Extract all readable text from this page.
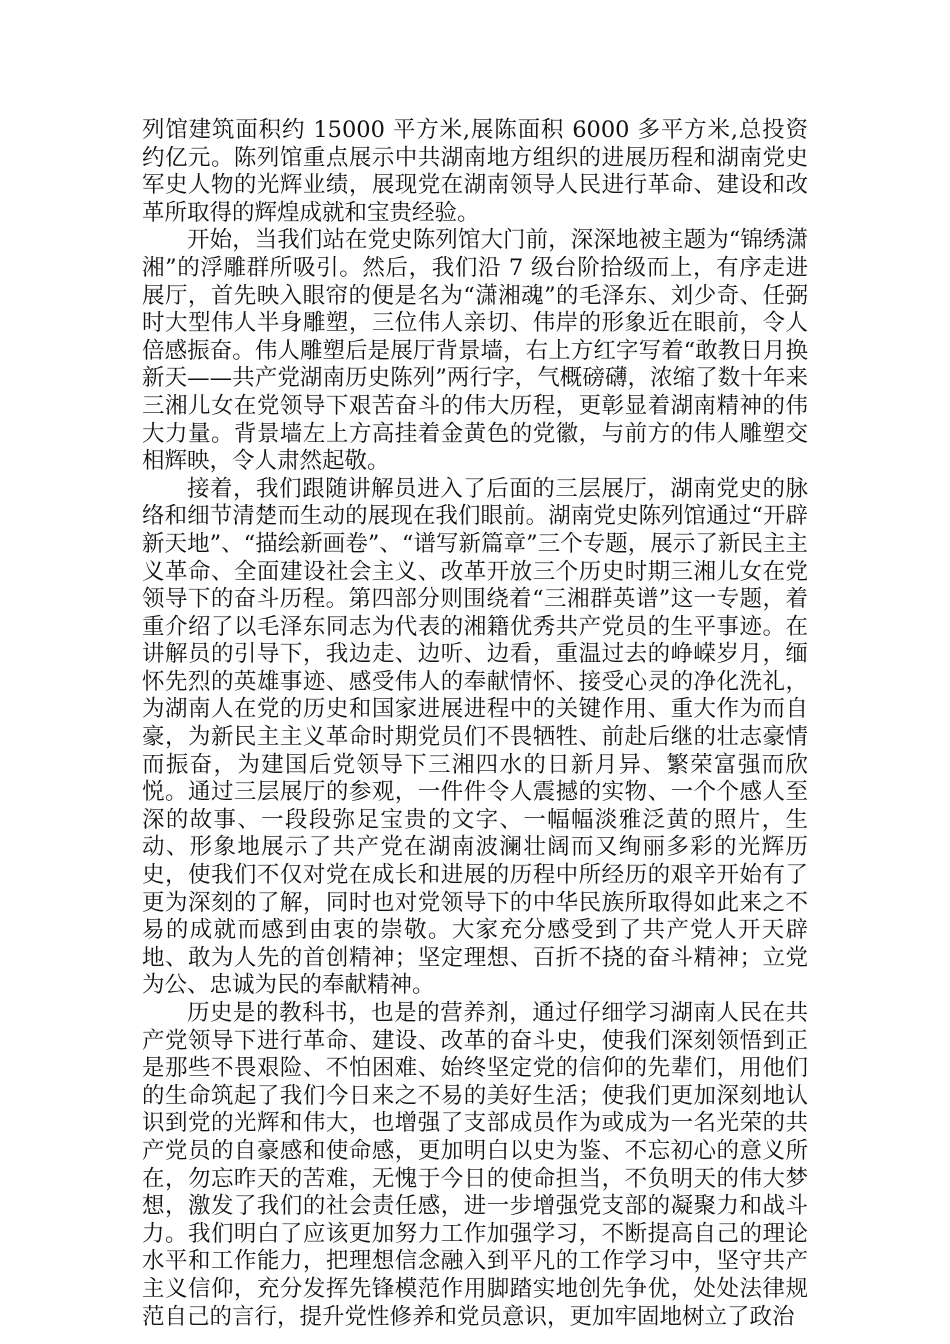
列馆建筑面积约 15000 平方米,展陈面积 6000 多平方米,总投资约亿元。陈列馆重点展示中共湖南地方组织的进展历程和湖南党史军史人物的光辉业绩，展现党在湖南领导人民进行革命、建设和改革所取得的辉煌成就和宝贵经验。

开始，当我们站在党史陈列馆大门前，深深地被主题为“锦绣潇湘”的浮雕群所吸引。然后，我们沿 7 级台阶拾级而上，有序走进展厅，首先映入眼帘的便是名为“潇湘魂”的毛泽东、刘少奇、任弼时大型伟人半身雕塑，三位伟人亲切、伟岸的形象近在眼前，令人倍感振奋。伟人雕塑后是展厅背景墙，右上方红字写着“敢教日月换新天——共产党湖南历史陈列”两行字，气概磅礴，浓缩了数十年来三湘儿女在党领导下艰苦奋斗的伟大历程，更彰显着湖南精神的伟大力量。背景墙左上方高挂着金黄色的党徽，与前方的伟人雕塑交相辉映，令人肃然起敬。

接着，我们跟随讲解员进入了后面的三层展厅，湖南党史的脉络和细节清楚而生动的展现在我们眼前。湖南党史陈列馆通过“开辟新天地”、“描绘新画卷”、“谱写新篇章”三个专题，展示了新民主主义革命、全面建设社会主义、改革开放三个历史时期三湘儿女在党领导下的奋斗历程。第四部分则围绕着“三湘群英谱”这一专题，着重介绍了以毛泽东同志为代表的湘籍优秀共产党员的生平事迹。在讲解员的引导下，我边走、边听、边看，重温过去的峥嵘岁月，缅怀先烈的英雄事迹、感受伟人的奉献情怀、接受心灵的净化洗礼，为湖南人在党的历史和国家进展进程中的关键作用、重大作为而自豪，为新民主主义革命时期党员们不畏牺牲、前赴后继的壮志豪情而振奋，为建国后党领导下三湘四水的日新月异、繁荣富强而欣悦。通过三层展厅的参观，一件件令人震撼的实物、一个个感人至深的故事、一段段弥足宝贵的文字、一幅幅淡雅泛黄的照片，生动、形象地展示了共产党在湖南波澜壮阔而又绚丽多彩的光辉历史，使我们不仅对党在成长和进展的历程中所经历的艰辛开始有了更为深刻的了解，同时也对党领导下的中华民族所取得如此来之不易的成就而感到由衷的崇敬。大家充分感受到了共产党人开天辟地、敢为人先的首创精神；坚定理想、百折不挠的奋斗精神；立党为公、忠诚为民的奉献精神。

历史是的教科书，也是的营养剂，通过仔细学习湖南人民在共产党领导下进行革命、建设、改革的奋斗史，使我们深刻领悟到正是那些不畏艰险、不怕困难、始终坚定党的信仰的先辈们，用他们的生命筑起了我们今日来之不易的美好生活；使我们更加深刻地认识到党的光辉和伟大，也增强了支部成员作为或成为一名光荣的共产党员的自豪感和使命感，更加明白以史为鉴、不忘初心的意义所在，勿忘昨天的苦难，无愧于今日的使命担当，不负明天的伟大梦想，激发了我们的社会责任感，进一步增强党支部的凝聚力和战斗力。我们明白了应该更加努力工作加强学习，不断提高自己的理论水平和工作能力，把理想信念融入到平凡的工作学习中，坚守共产主义信仰，充分发挥先锋模范作用脚踏实地创先争优，处处法律规范自己的言行，提升党性修养和党员意识，更加牢固地树立了政治
